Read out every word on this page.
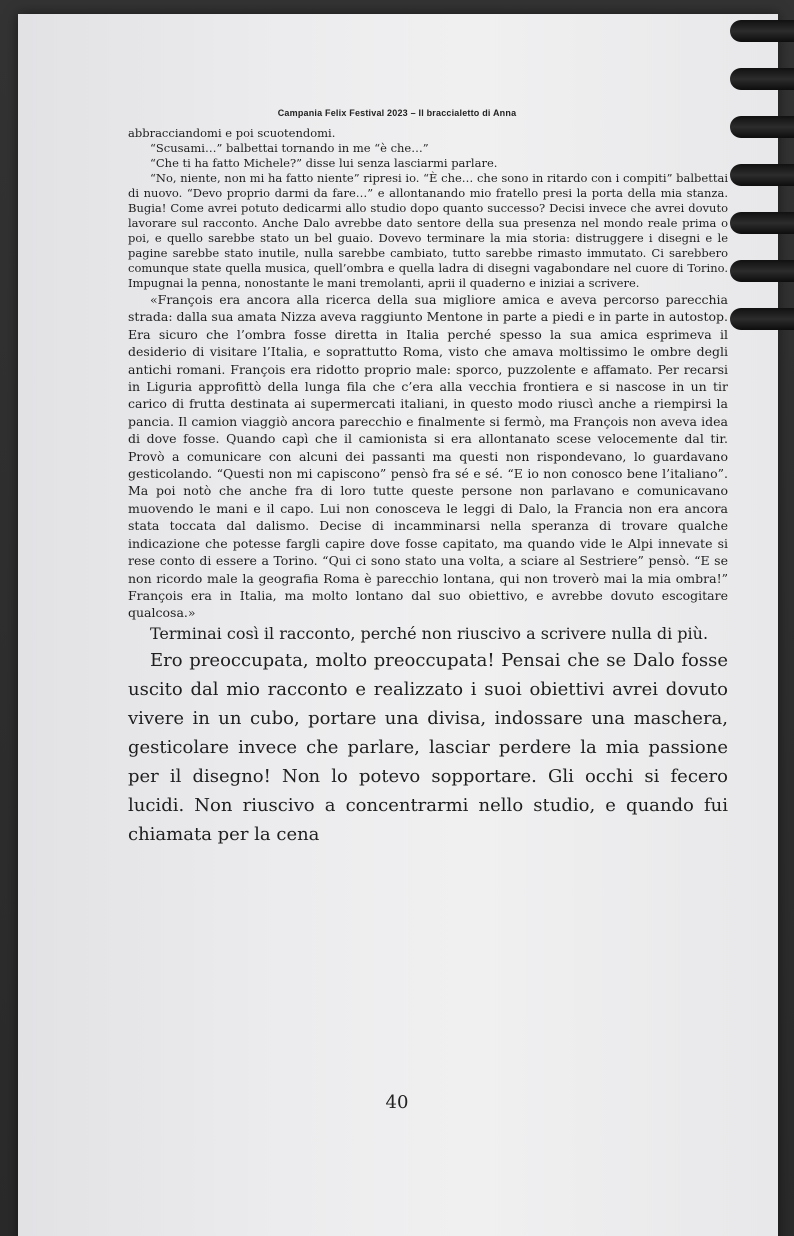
Campania Felix Festival 2023 – Il braccialetto di Anna

abbracciandomi e poi scuotendomi.

“Scusami…” balbettai tornando in me “è che…”

“Che ti ha fatto Michele?” disse lui senza lasciarmi parlare.

“No, niente, non mi ha fatto niente” ripresi io. “È che… che sono in ritardo con i compiti” balbettai di nuovo. “Devo proprio darmi da fare…” e allontanando mio fratello presi la porta della mia stanza. Bugia! Come avrei potuto dedicarmi allo studio dopo quanto successo? Decisi invece che avrei dovuto lavorare sul racconto. Anche Dalo avrebbe dato sentore della sua presenza nel mondo reale prima o poi, e quello sarebbe stato un bel guaio. Dovevo terminare la mia storia: distruggere i disegni e le pagine sarebbe stato inutile, nulla sarebbe cambiato, tutto sarebbe rimasto immutato. Ci sarebbero comunque state quella musica, quell’ombra e quella ladra di disegni vagabondare nel cuore di Torino. Impugnai la penna, nonostante le mani tremolanti, aprii il quaderno e iniziai a scrivere.

«François era ancora alla ricerca della sua migliore amica e aveva percorso parecchia strada: dalla sua amata Nizza aveva raggiunto Mentone in parte a piedi e in parte in autostop. Era sicuro che l’ombra fosse diretta in Italia perché spesso la sua amica esprimeva il desiderio di visitare l’Italia, e soprattutto Roma, visto che amava moltissimo le ombre degli antichi romani. François era ridotto proprio male: sporco, puzzolente e affamato. Per recarsi in Liguria approfittò della lunga fila che c’era alla vecchia frontiera e si nascose in un tir carico di frutta destinata ai supermercati italiani, in questo modo riuscì anche a riempirsi la pancia. Il camion viaggiò ancora parecchio e finalmente si fermò, ma François non aveva idea di dove fosse. Quando capì che il camionista si era allontanato scese velocemente dal tir. Provò a comunicare con alcuni dei passanti ma questi non rispondevano, lo guardavano gesticolando. “Questi non mi capiscono” pensò fra sé e sé. “E io non conosco bene l’italiano”. Ma poi notò che anche fra di loro tutte queste persone non parlavano e comunicavano muovendo le mani e il capo. Lui non conosceva le leggi di Dalo, la Francia non era ancora stata toccata dal dalismo. Decise di incamminarsi nella speranza di trovare qualche indicazione che potesse fargli capire dove fosse capitato, ma quando vide le Alpi innevate si rese conto di essere a Torino. “Qui ci sono stato una volta, a sciare al Sestriere” pensò. “E se non ricordo male la geografia Roma è parecchio lontana, qui non troverò mai la mia ombra!” François era in Italia, ma molto lontano dal suo obiettivo, e avrebbe dovuto escogitare qualcosa.»

Terminai così il racconto, perché non riuscivo a scrivere nulla di più.

Ero preoccupata, molto preoccupata! Pensai che se Dalo fosse uscito dal mio racconto e realizzato i suoi obiettivi avrei dovuto vivere in un cubo, portare una divisa, indossare una maschera, gesticolare invece che parlare, lasciar perdere la mia passione per il disegno! Non lo potevo sopportare. Gli occhi si fecero lucidi. Non riuscivo a concentrarmi nello studio, e quando fui chiamata per la cena

40
